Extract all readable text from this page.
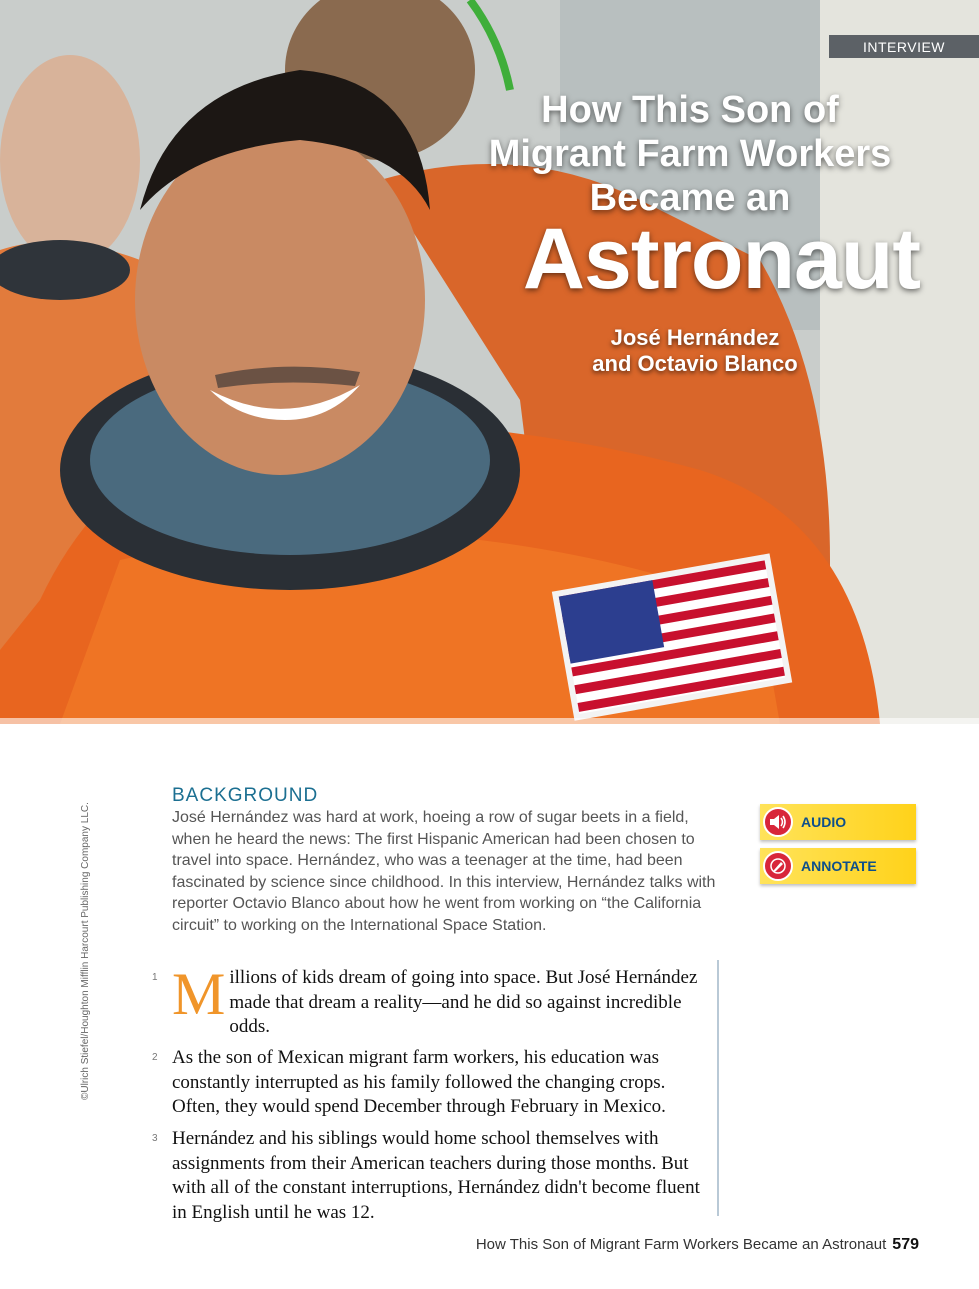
INTERVIEW
How This Son of
Migrant Farm Workers
Became an
Astronaut
José Hernández
and Octavio Blanco
BACKGROUND
José Hernández was hard at work, hoeing a row of sugar beets in a field, when he heard the news: The first Hispanic American had been chosen to travel into space. Hernández, who was a teenager at the time, had been fascinated by science since childhood. In this interview, Hernández talks with reporter Octavio Blanco about how he went from working on “the California circuit” to working on the International Space Station.
AUDIO
ANNOTATE
©Ulrich Stiefel/Houghton Mifflin Harcourt Publishing Company LLC.	1 Millions of kids dream of going into space. But José Hernández made that dream a reality—and he did so against incredible odds.
2 As the son of Mexican migrant farm workers, his education was constantly interrupted as his family followed the changing crops. Often, they would spend December through February in Mexico.
3 Hernández and his siblings would home school themselves with assignments from their American teachers during those months. But with all of the constant interruptions, Hernández didn't become fluent in English until he was 12.
How This Son of Migrant Farm Workers Became an Astronaut 579
